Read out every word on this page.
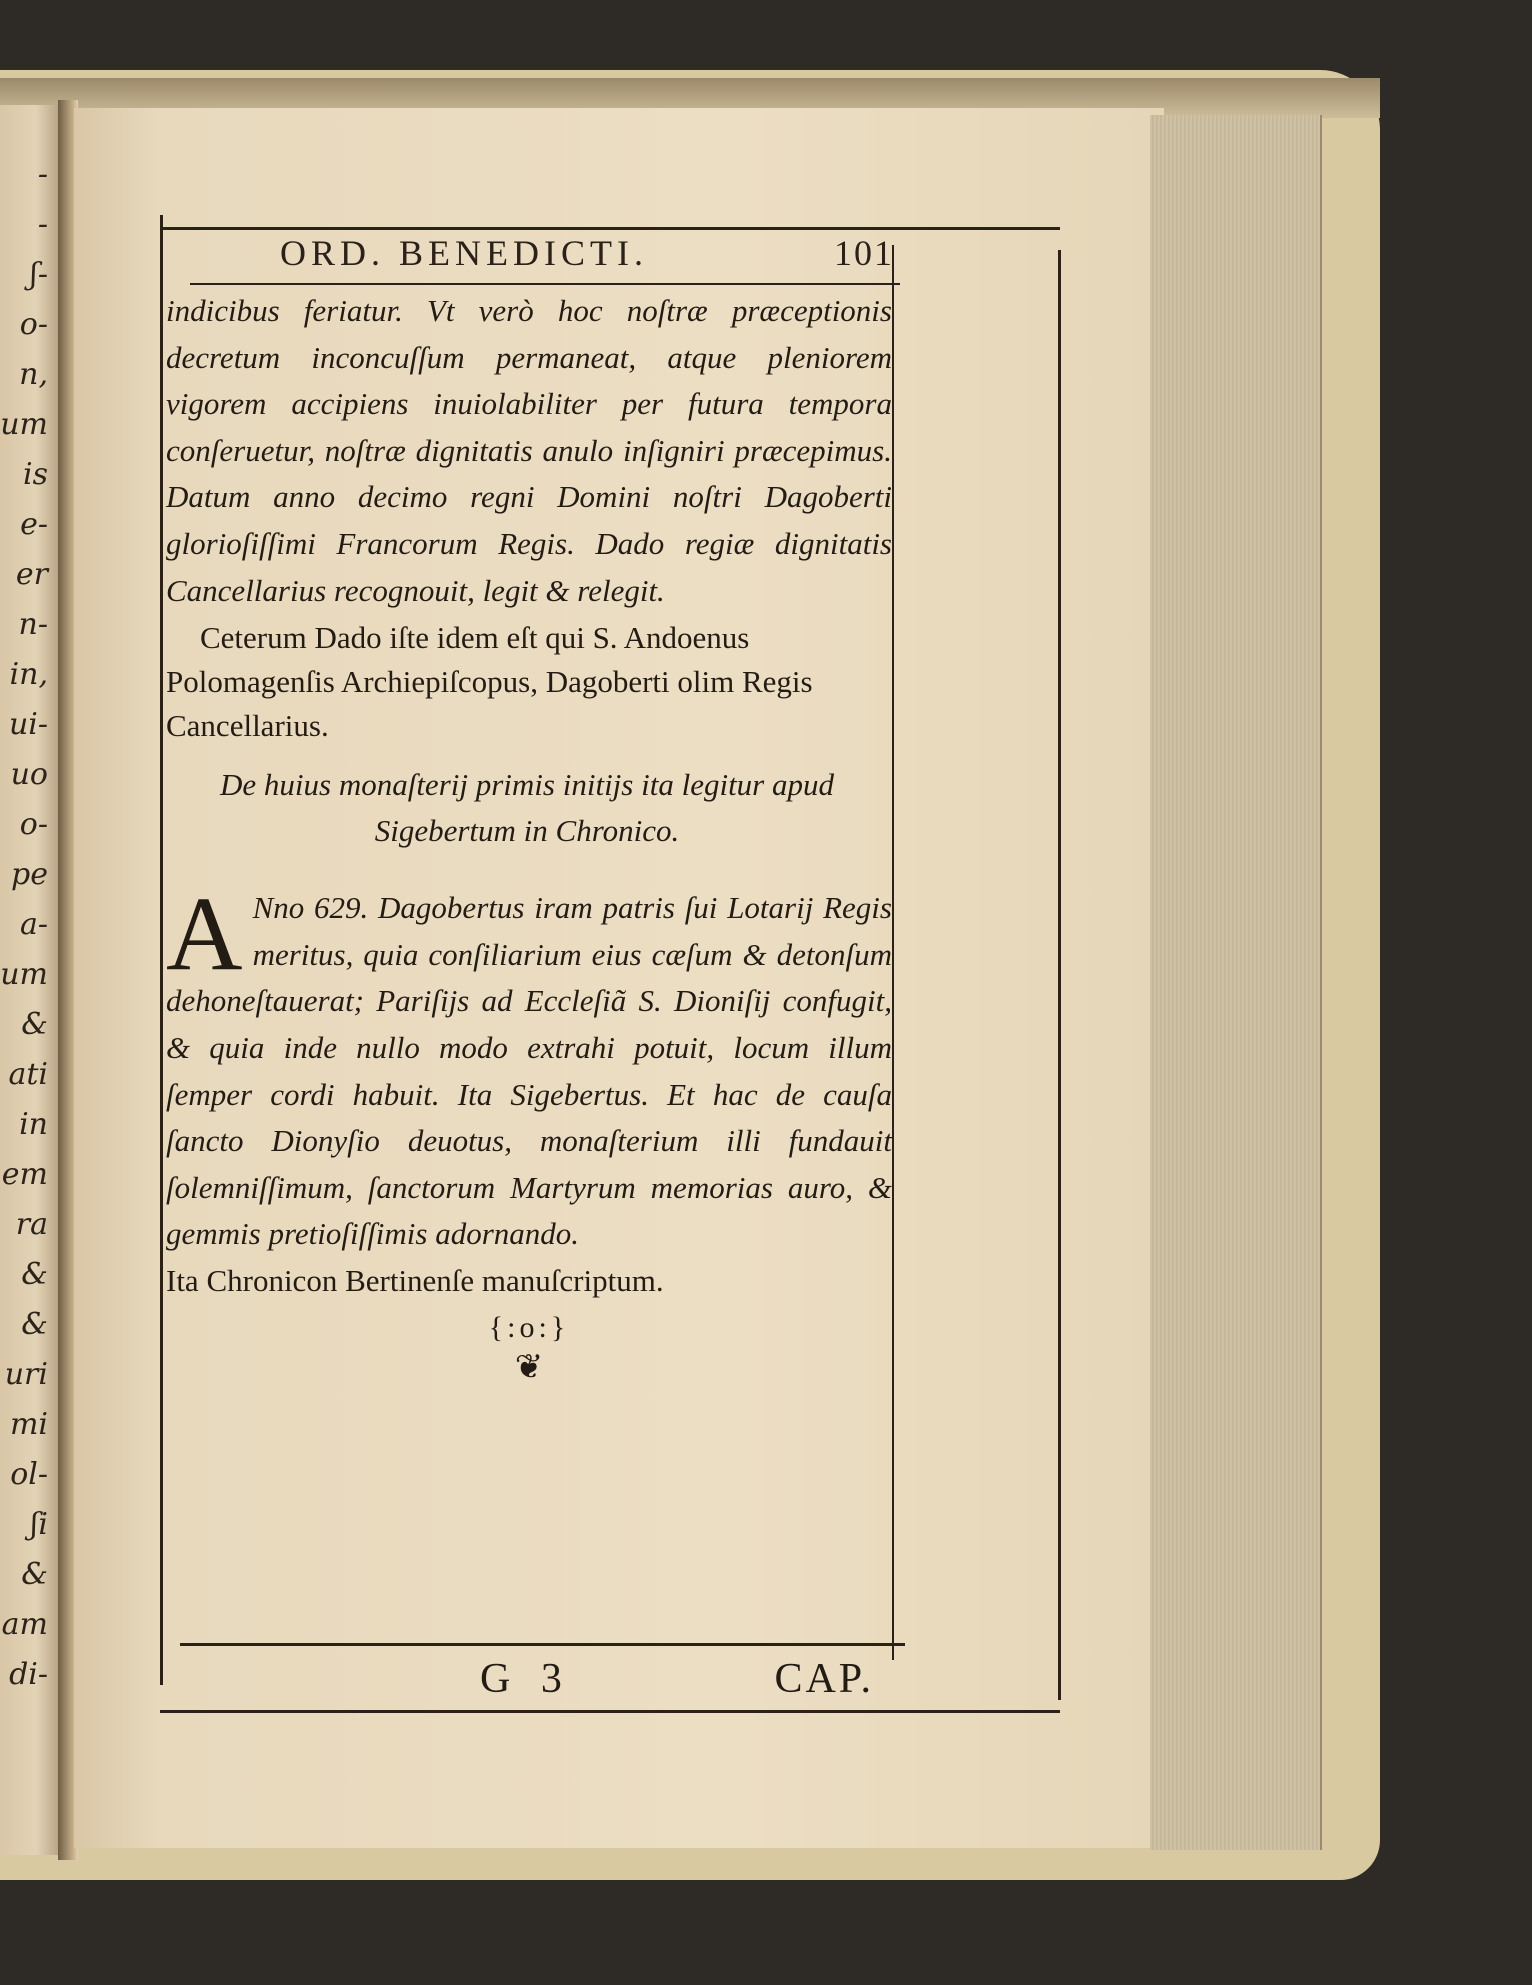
-
-
ʃ-
o-
n,
um
is
e-
er
n-
in,
ui-
uo
o-
pe
a-
um
&
ati
in
em
ra
&
&
uri
mi
ol-
ʃi
&
am
di-
ORD. BENEDICTI.	101

indicibus feriatur. Vt verò hoc noſtræ præceptionis decretum inconcuſſum permaneat, atque pleniorem vigorem accipiens inuiolabiliter per futura tempora conſeruetur, noſtræ dignitatis anulo inſigniri præcepimus. Datum anno decimo regni Domini noſtri Dagoberti glorioſiſſimi Francorum Regis. Dado regiæ dignitatis Cancellarius recognouit, legit & relegit.

Ceterum Dado iſte idem eſt qui S. Andoenus Polomagenſis Archiepiſcopus, Dagoberti olim Regis Cancellarius.

De huius monaſterij primis initijs ita legitur apud Sigebertum in Chronico.

A Nno 629. Dagobertus iram patris ſui Lotarij Regis meritus, quia conſiliarium eius cæſum & detonſum dehoneſtauerat; Pariſijs ad Eccleſiã S. Dioniſij confugit, & quia inde nullo modo extrahi potuit, locum illum ſemper cordi habuit. Ita Sigebertus. Et hac de cauſa ſancto Dionyſio deuotus, monaſterium illi fundauit ſolemniſſimum, ſanctorum Martyrum memorias auro, & gemmis pretioſiſſimis adornando.
Ita Chronicon Bertinenſe manuſcriptum.

{:o:}
❦
G 3	CAP.
